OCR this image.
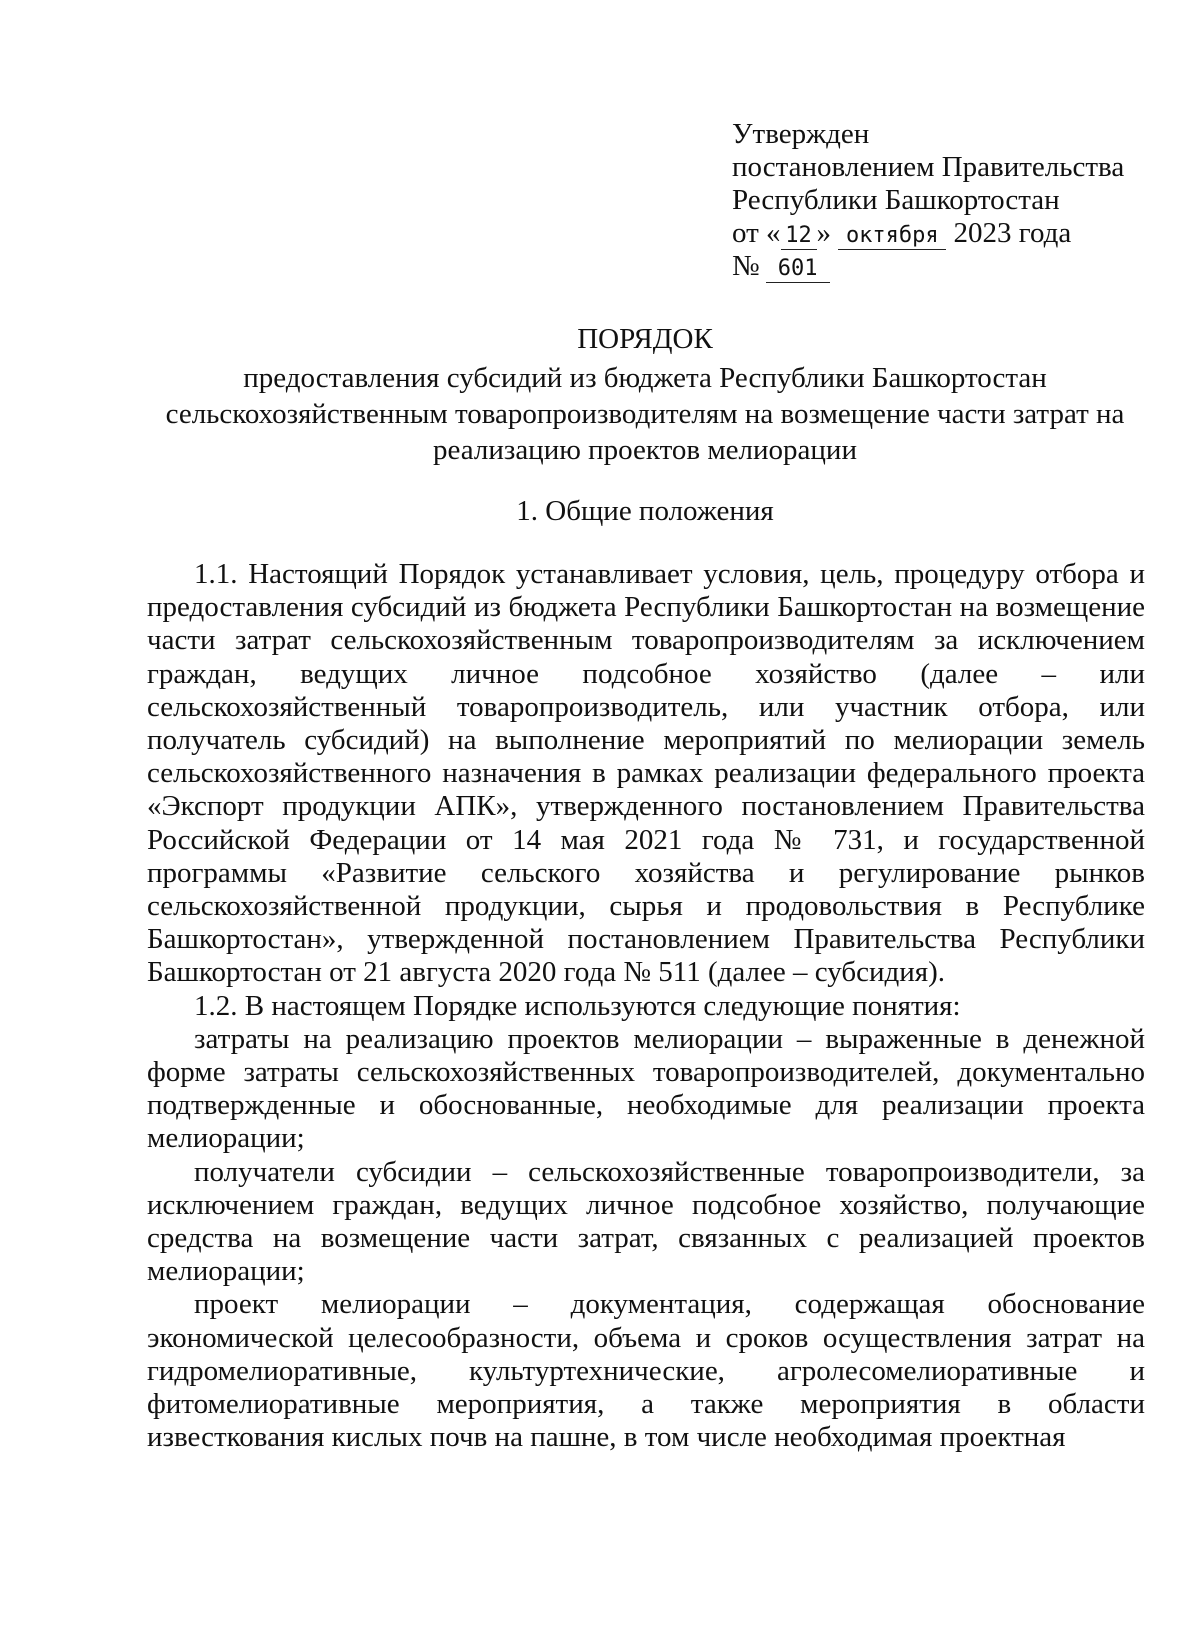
Утвержден
постановлением Правительства
Республики Башкортостан
от « 12 » октября 2023 года
№ 601
ПОРЯДОК
предоставления субсидий из бюджета Республики Башкортостан сельскохозяйственным товаропроизводителям на возмещение части затрат на реализацию проектов мелиорации
1. Общие положения

1.1. Настоящий Порядок устанавливает условия, цель, процедуру отбора и предоставления субсидий из бюджета Республики Башкортостан на возмещение части затрат сельскохозяйственным товаропроизводителям за исключением граждан, ведущих личное подсобное хозяйство (далее – или сельскохозяйственный товаропроизводитель, или участник отбора, или получатель субсидий) на выполнение мероприятий по мелиорации земель сельскохозяйственного назначения в рамках реализации федерального проекта «Экспорт продукции АПК», утвержденного постановлением Правительства Российской Федерации от 14 мая 2021 года № 731, и государственной программы «Развитие сельского хозяйства и регулирование рынков сельскохозяйственной продукции, сырья и продовольствия в Республике Башкортостан», утвержденной постановлением Правительства Республики Башкортостан от 21 августа 2020 года № 511 (далее – субсидия).

1.2. В настоящем Порядке используются следующие понятия:

затраты на реализацию проектов мелиорации – выраженные в денежной форме затраты сельскохозяйственных товаропроизводителей, документально подтвержденные и обоснованные, необходимые для реализации проекта мелиорации;

получатели субсидии – сельскохозяйственные товаропроизводители, за исключением граждан, ведущих личное подсобное хозяйство, получающие средства на возмещение части затрат, связанных с реализацией проектов мелиорации;

проект мелиорации – документация, содержащая обоснование экономической целесообразности, объема и сроков осуществления затрат на гидромелиоративные, культуртехнические, агролесомелиоративные и фитомелиоративные мероприятия, а также мероприятия в области известкования кислых почв на пашне, в том числе необходимая проектная
